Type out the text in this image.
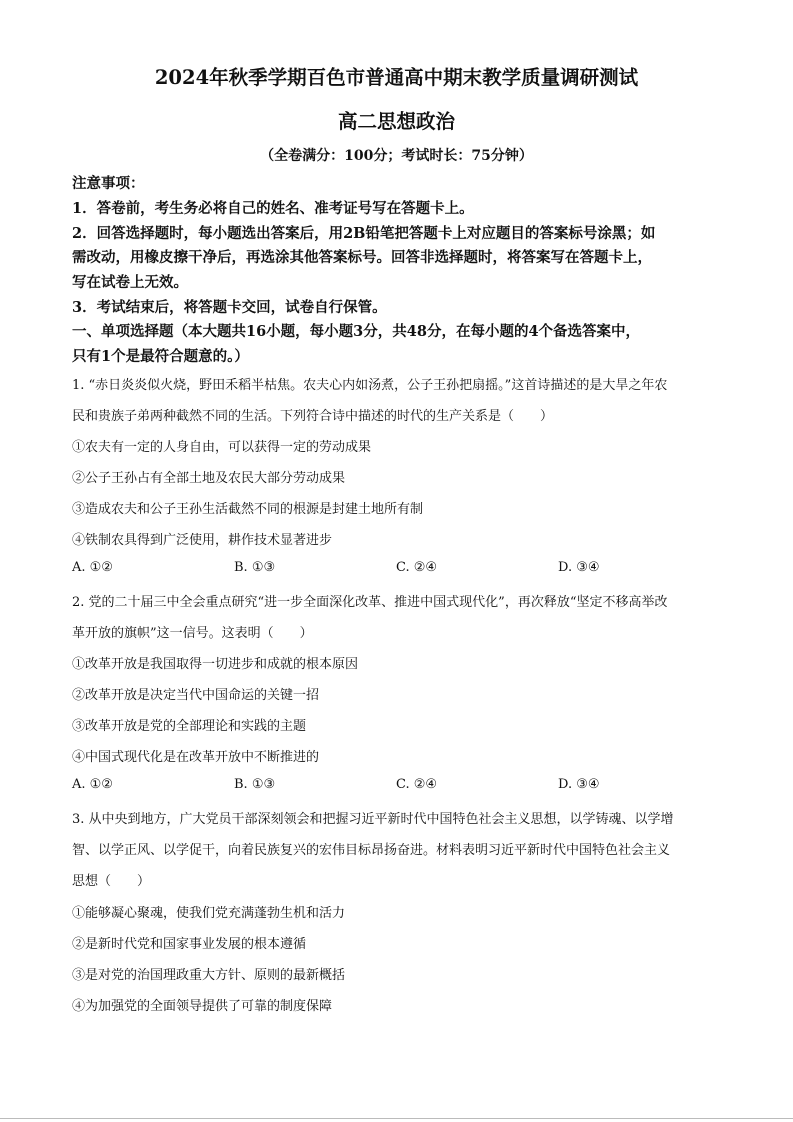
2024年秋季学期百色市普通高中期末教学质量调研测试
高二思想政治
（全卷满分：100分；考试时长：75分钟）
注意事项：
1．答卷前，考生务必将自己的姓名、准考证号写在答题卡上。
2．回答选择题时，每小题选出答案后，用2B铅笔把答题卡上对应题目的答案标号涂黑；如
需改动，用橡皮擦干净后，再选涂其他答案标号。回答非选择题时，将答案写在答题卡上，
写在试卷上无效。
3．考试结束后，将答题卡交回，试卷自行保管。
一、单项选择题（本大题共16小题，每小题3分，共48分，在每小题的4个备选答案中，
只有1个是最符合题意的。）
1. “赤日炎炎似火烧，野田禾稻半枯焦。农夫心内如汤煮，公子王孙把扇摇。”这首诗描述的是大旱之年农
民和贵族子弟两种截然不同的生活。下列符合诗中描述的时代的生产关系是（　　）
①农夫有一定的人身自由，可以获得一定的劳动成果
②公子王孙占有全部土地及农民大部分劳动成果
③造成农夫和公子王孙生活截然不同的根源是封建土地所有制
④铁制农具得到广泛使用，耕作技术显著进步
A. ①②	B. ①③	C. ②④	D. ③④
2. 党的二十届三中全会重点研究“进一步全面深化改革、推进中国式现代化”，再次释放“坚定不移高举改
革开放的旗帜”这一信号。这表明（　　）
①改革开放是我国取得一切进步和成就的根本原因
②改革开放是决定当代中国命运的关键一招
③改革开放是党的全部理论和实践的主题
④中国式现代化是在改革开放中不断推进的
A. ①②	B. ①③	C. ②④	D. ③④
3. 从中央到地方，广大党员干部深刻领会和把握习近平新时代中国特色社会主义思想，以学铸魂、以学增
智、以学正风、以学促干，向着民族复兴的宏伟目标昂扬奋进。材料表明习近平新时代中国特色社会主义
思想（　　）
①能够凝心聚魂，使我们党充满蓬勃生机和活力
②是新时代党和国家事业发展的根本遵循
③是对党的治国理政重大方针、原则的最新概括
④为加强党的全面领导提供了可靠的制度保障
